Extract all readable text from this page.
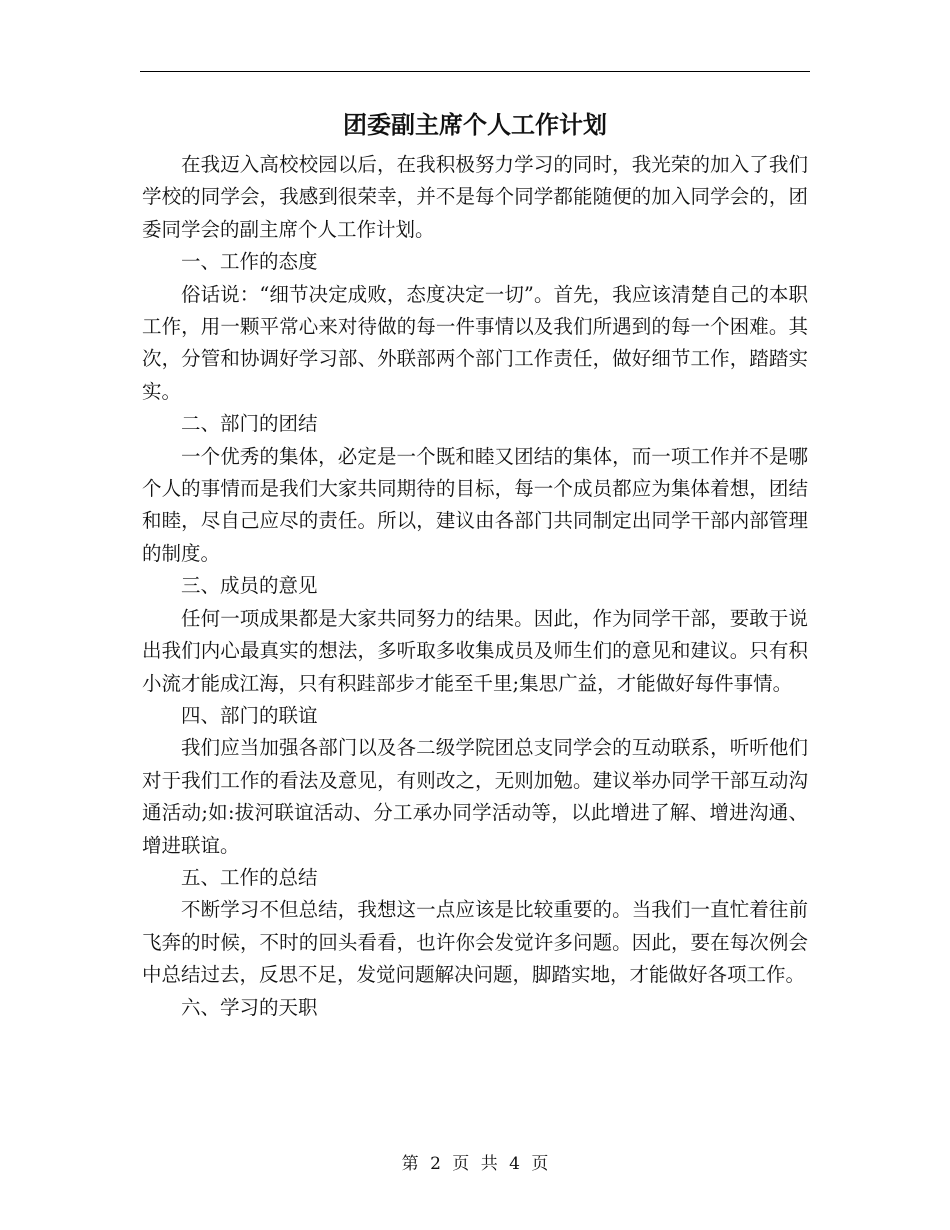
团委副主席个人工作计划

在我迈入高校校园以后，在我积极努力学习的同时，我光荣的加入了我们学校的同学会，我感到很荣幸，并不是每个同学都能随便的加入同学会的，团委同学会的副主席个人工作计划。

一、工作的态度

俗话说：“细节决定成败，态度决定一切”。首先，我应该清楚自己的本职工作，用一颗平常心来对待做的每一件事情以及我们所遇到的每一个困难。其次，分管和协调好学习部、外联部两个部门工作责任，做好细节工作，踏踏实实。

二、部门的团结

一个优秀的集体，必定是一个既和睦又团结的集体，而一项工作并不是哪个人的事情而是我们大家共同期待的目标，每一个成员都应为集体着想，团结和睦，尽自己应尽的责任。所以，建议由各部门共同制定出同学干部内部管理的制度。

三、成员的意见

任何一项成果都是大家共同努力的结果。因此，作为同学干部，要敢于说出我们内心最真实的想法，多听取多收集成员及师生们的意见和建议。只有积小流才能成江海，只有积跬部步才能至千里;集思广益，才能做好每件事情。

四、部门的联谊

我们应当加强各部门以及各二级学院团总支同学会的互动联系，听听他们对于我们工作的看法及意见，有则改之，无则加勉。建议举办同学干部互动沟通活动;如:拔河联谊活动、分工承办同学活动等，以此增进了解、增进沟通、增进联谊。

五、工作的总结

不断学习不但总结，我想这一点应该是比较重要的。当我们一直忙着往前飞奔的时候，不时的回头看看，也许你会发觉许多问题。因此，要在每次例会中总结过去，反思不足，发觉问题解决问题，脚踏实地，才能做好各项工作。

六、学习的天职

第 2 页 共 4 页
